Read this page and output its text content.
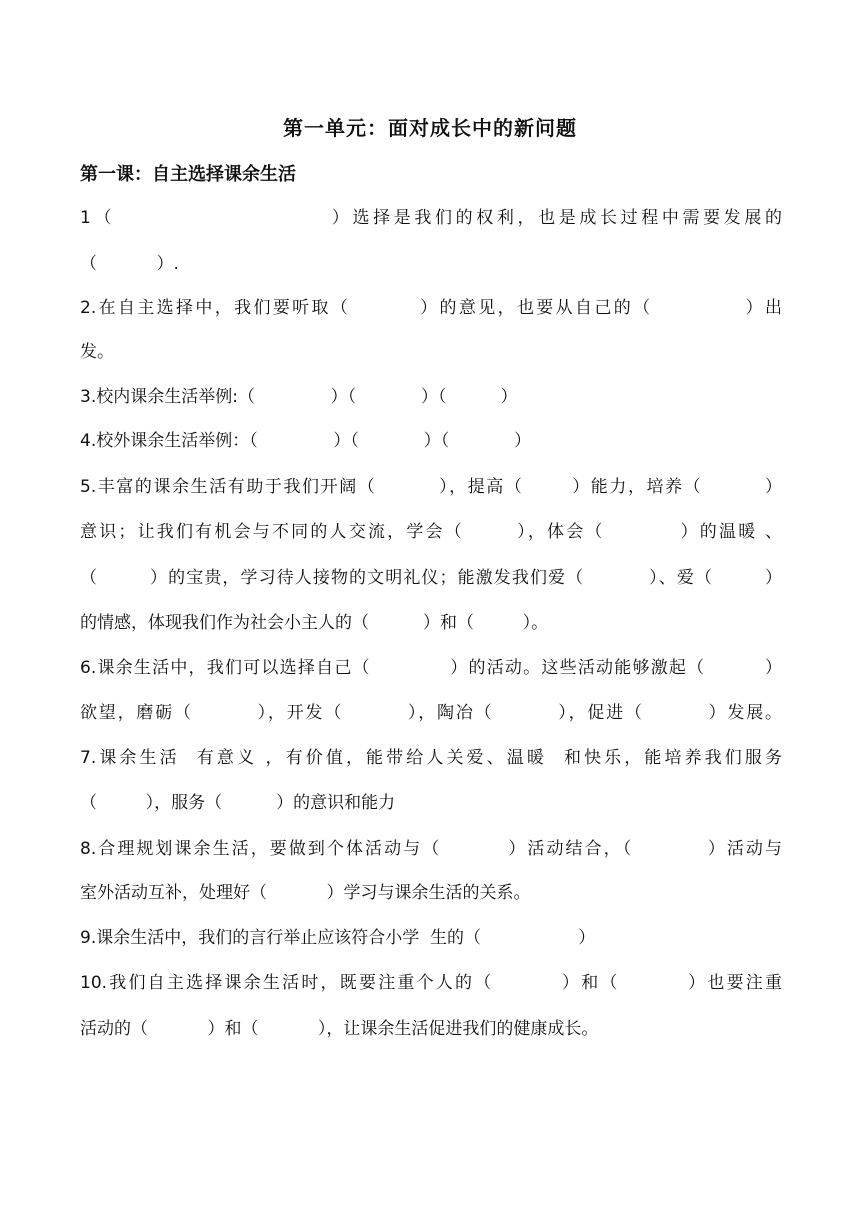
第一单元：面对成长中的新问题
第一课：自主选择课余生活
1（                        ）选择是我们的权利，也是成长过程中需要发展的
（           ）.
2.在自主选择中，我们要听取（         ）的意见，也要从自己的（            ）出
发。
3.校内课余生活举例:（              ）（            ）（          ）
4.校外课余生活举例：（              ）（            ）（            ）
5.丰富的课余生活有助于我们开阔（         ），提高（       ）能力，培养（         ）
意识；让我们有机会与不同的人交流，学会（       ），体会（          ）的温暖 、
（        ）的宝贵，学习待人接物的文明礼仪；能激发我们爱（          ）、爱（        ）
的情感，体现我们作为社会小主人的（          ）和（         ）。
6.课余生活中，我们可以选择自己（            ）的活动。这些活动能够激起（         ）
欲望，磨砺（         ），开发（         ），陶冶（         ），促进（         ）发展。
7.课余生活  有意义 ，有价值，能带给人关爱、温暖  和快乐，能培养我们服务
（         ），服务（          ）的意识和能力
8.合理规划课余生活，要做到个体活动与（         ）活动结合，（          ）活动与
室外活动互补，处理好（           ）学习与课余生活的关系。
9.课余生活中，我们的言行举止应该符合小学  生的（                  ）
10.我们自主选择课余生活时，既要注重个人的（         ）和（         ）也要注重
活动的（           ）和（           ），让课余生活促进我们的健康成长。
